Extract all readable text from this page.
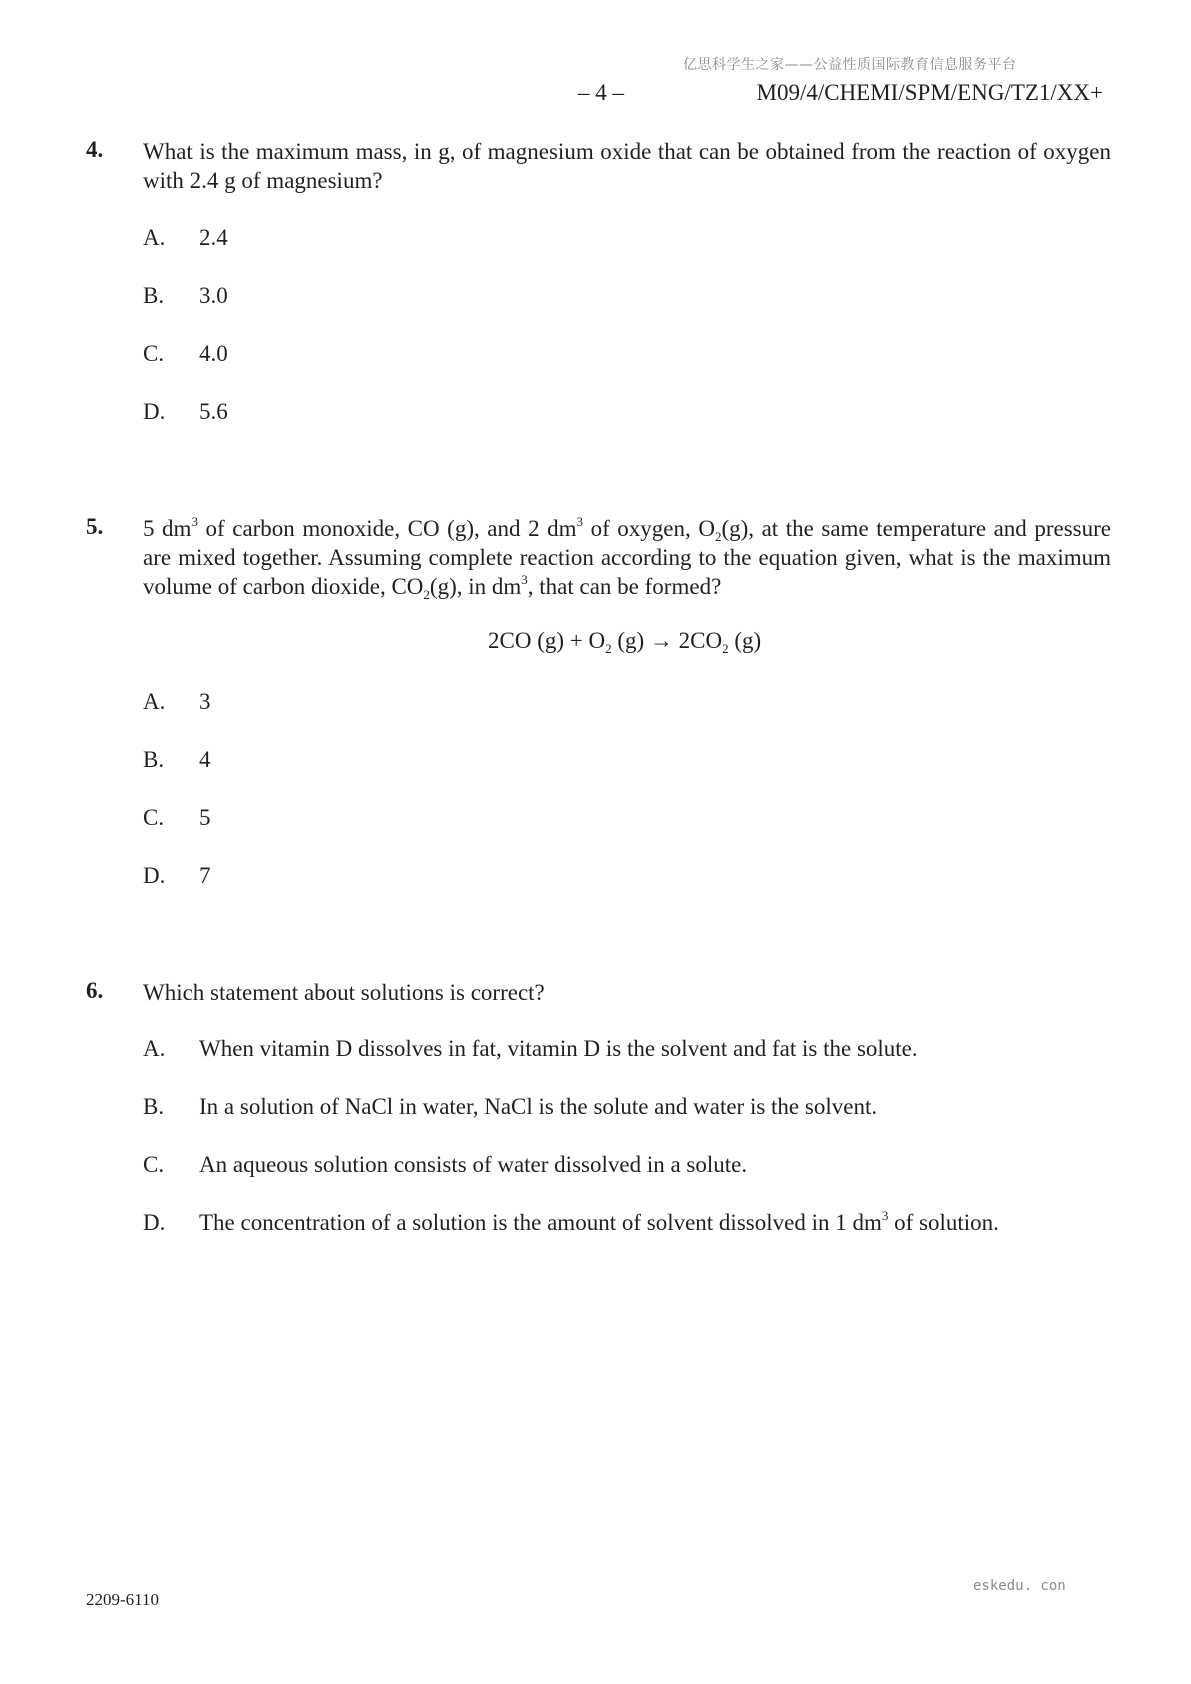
亿思科学生之家——公益性质国际教育信息服务平台
– 4 –	M09/4/CHEMI/SPM/ENG/TZ1/XX+
4. What is the maximum mass, in g, of magnesium oxide that can be obtained from the reaction of oxygen with 2.4 g of magnesium?
A. 2.4
B. 3.0
C. 4.0
D. 5.6
5. 5 $dm^3$ of carbon monoxide, CO (g), and 2 $dm^3$ of oxygen, $O_2(g)$, at the same temperature and pressure are mixed together. Assuming complete reaction according to the equation given, what is the maximum volume of carbon dioxide, $CO_2(g)$, in $dm^3$, that can be formed?
2CO $(g) + O_2$ $(g) \to 2CO_2$ (g)
A. 3
B. 4
C. 5
D. 7
6. Which statement about solutions is correct?
A. When vitamin D dissolves in fat, vitamin D is the solvent and fat is the solute.
B. In a solution of NaCl in water, NaCl is the solute and water is the solvent.
C. An aqueous solution consists of water dissolved in a solute.
D. The concentration of a solution is the amount of solvent dissolved in 1 $dm^3$ of solution.
eskedu. con
2209-6110
